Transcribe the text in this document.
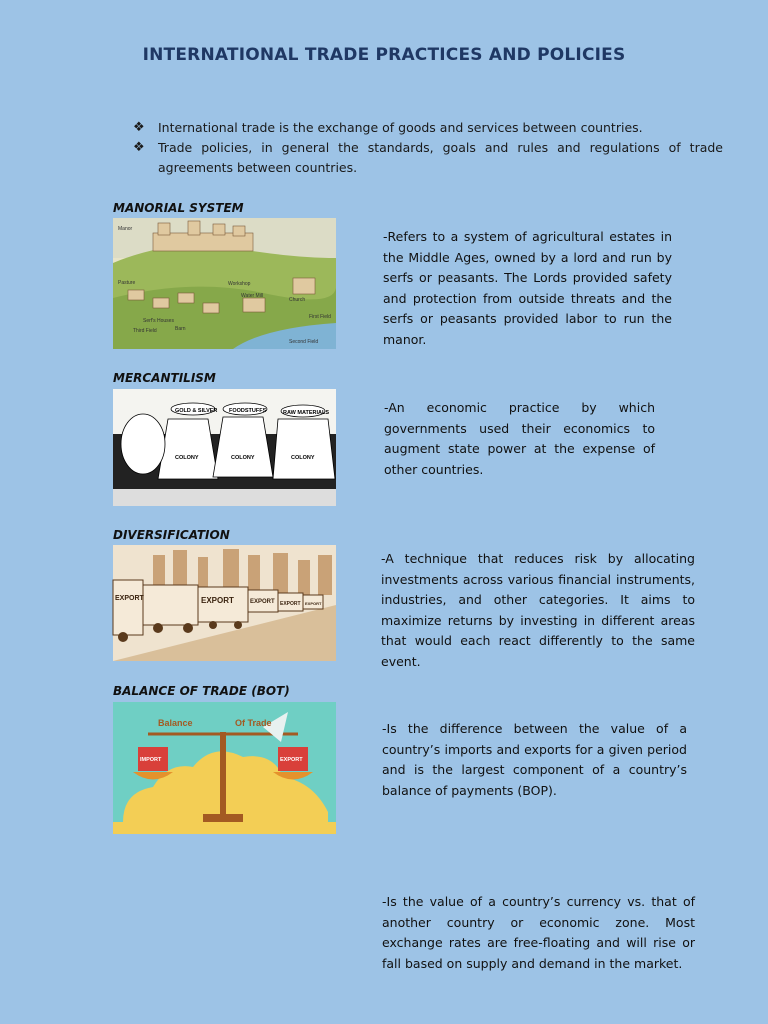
INTERNATIONAL TRADE PRACTICES AND POLICIES
❖	International trade is the exchange of goods and services between countries.
❖	Trade policies, in general the standards, goals and rules and regulations of trade agreements between countries.
MANORIAL SYSTEM
Manor
Pasture	Workshop
Water Mill
Church
Serf's Houses
Third Field	Barn
Second Field
First Field
-Refers to a system of agricultural estates in the Middle Ages, owned by a lord and run by serfs or peasants. The Lords provided safety and protection from outside threats and the serfs or peasants provided labor to run the manor.
MERCANTILISM
GOLD & SILVER FOODSTUFFS	RAW MATERIALS
COLONY	COLONY	COLONY
-An economic practice by which governments used their economics to augment state power at the expense of other countries.
DIVERSIFICATION
EXPORT	EXPORT	EXPORT EXPORT EXPORT
-A technique that reduces risk by allocating investments across various financial instruments, industries, and other categories. It aims to maximize returns by investing in different areas that would each react differently to the same event.
BALANCE OF TRADE (BOT)
Balance	Of Trade
IMPORT	EXPORT
-Is the difference between the value of a country’s imports and exports for a given period and is the largest component of a country’s balance of payments (BOP).
-Is the value of a country’s currency vs. that of another country or economic zone. Most exchange rates are free-floating and will rise or fall based on supply and demand in the market.
